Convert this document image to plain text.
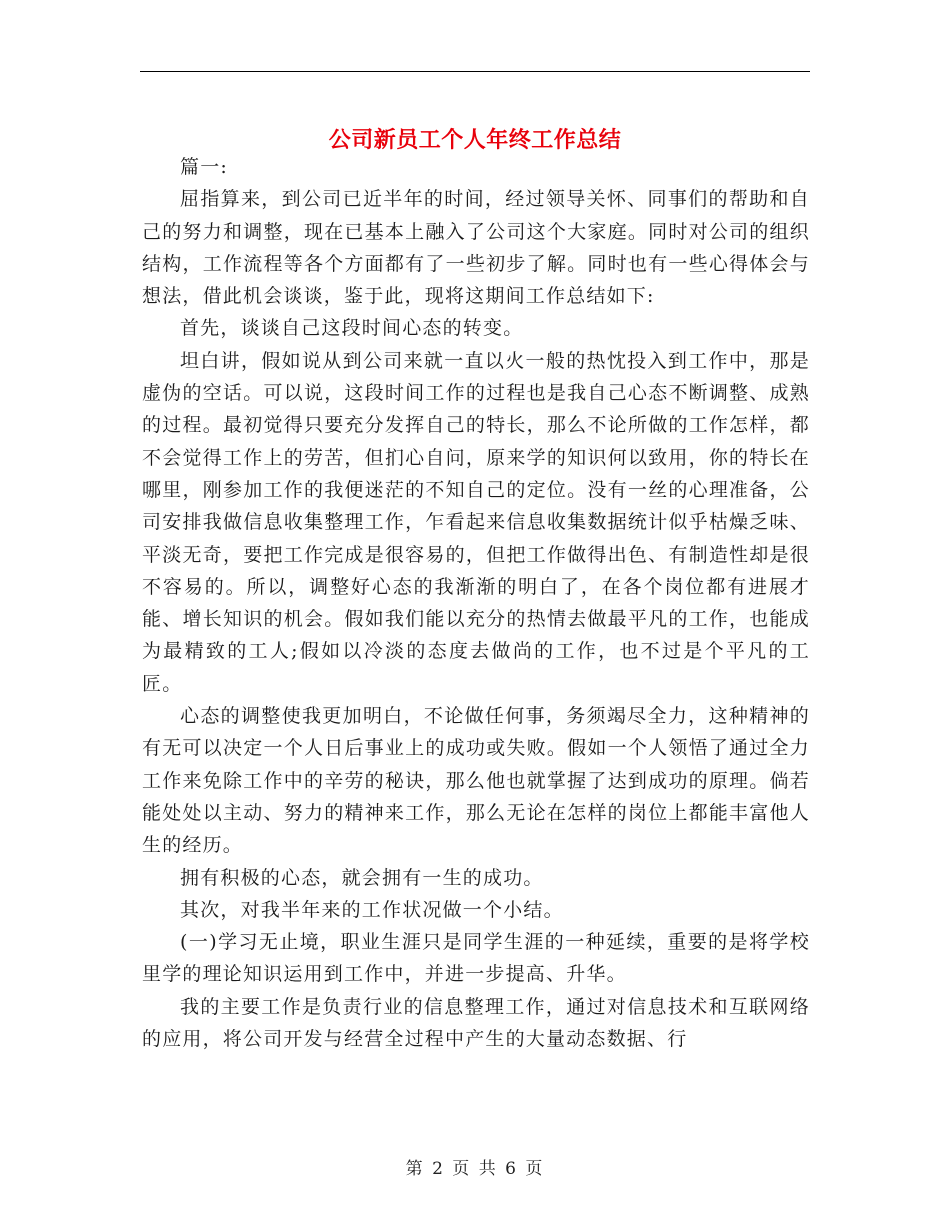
公司新员工个人年终工作总结

篇一:

屈指算来，到公司已近半年的时间，经过领导关怀、同事们的帮助和自己的努力和调整，现在已基本上融入了公司这个大家庭。同时对公司的组织结构，工作流程等各个方面都有了一些初步了解。同时也有一些心得体会与想法，借此机会谈谈，鉴于此，现将这期间工作总结如下:

首先，谈谈自己这段时间心态的转变。

坦白讲，假如说从到公司来就一直以火一般的热忱投入到工作中，那是虚伪的空话。可以说，这段时间工作的过程也是我自己心态不断调整、成熟的过程。最初觉得只要充分发挥自己的特长，那么不论所做的工作怎样，都不会觉得工作上的劳苦，但扪心自问，原来学的知识何以致用，你的特长在哪里，刚参加工作的我便迷茫的不知自己的定位。没有一丝的心理准备，公司安排我做信息收集整理工作，乍看起来信息收集数据统计似乎枯燥乏味、平淡无奇，要把工作完成是很容易的，但把工作做得出色、有制造性却是很不容易的。所以，调整好心态的我渐渐的明白了，在各个岗位都有进展才能、增长知识的机会。假如我们能以充分的热情去做最平凡的工作，也能成为最精致的工人;假如以冷淡的态度去做尚的工作，也不过是个平凡的工匠。

心态的调整使我更加明白，不论做任何事，务须竭尽全力，这种精神的有无可以决定一个人日后事业上的成功或失败。假如一个人领悟了通过全力工作来免除工作中的辛劳的秘诀，那么他也就掌握了达到成功的原理。倘若能处处以主动、努力的精神来工作，那么无论在怎样的岗位上都能丰富他人生的经历。

拥有积极的心态，就会拥有一生的成功。

其次，对我半年来的工作状况做一个小结。

(一)学习无止境，职业生涯只是同学生涯的一种延续，重要的是将学校里学的理论知识运用到工作中，并进一步提高、升华。

我的主要工作是负责行业的信息整理工作，通过对信息技术和互联网络的应用，将公司开发与经营全过程中产生的大量动态数据、行

第 2 页 共 6 页
